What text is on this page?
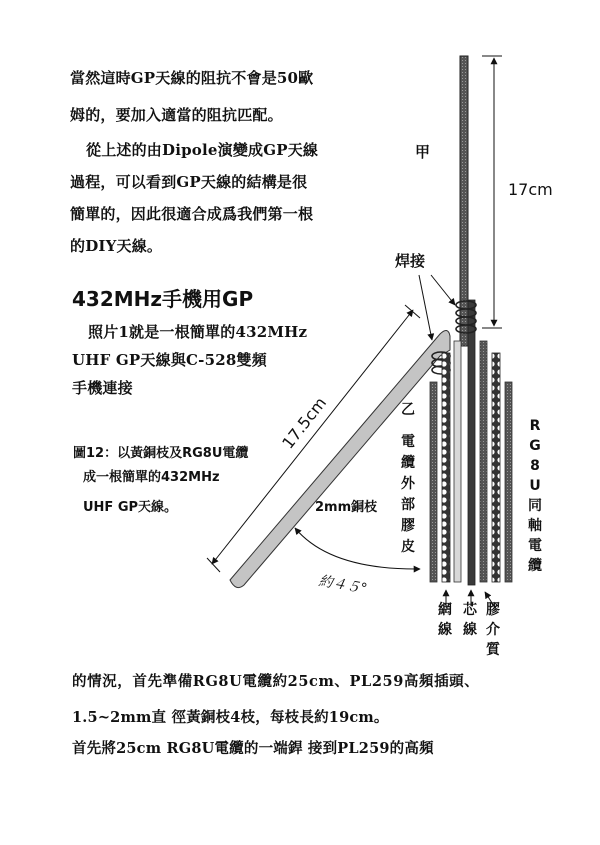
當然這時GP天線的阻抗不會是50歐
姆的，要加入適當的阻抗匹配。
從上述的由Dipole演變成GP天線
過程，可以看到GP天線的結構是很
簡單的，因此很適合成爲我們第一根
的DIY天線。
432MHz手機用GP
照片1就是一根簡單的432MHz
UHF GP天線與C-528雙頻
手機連接
圖12：以黃銅枝及RG8U電纜
成一根簡單的432MHz
UHF GP天線。
17cm
甲
焊接
17.5cm
2mm銅枝
約４５°
乙
電
纜
外
部
膠
皮
R
G
8
U
同
軸
電
纜
網
線
芯
線
膠
介
質
的情況，首先準備RG8U電纜約25cm、PL259高頻插頭、
1.5~2mm直 徑黃銅枝4枝，每枝長約19cm。
首先將25cm RG8U電纜的一端銲 接到PL259的高頻
